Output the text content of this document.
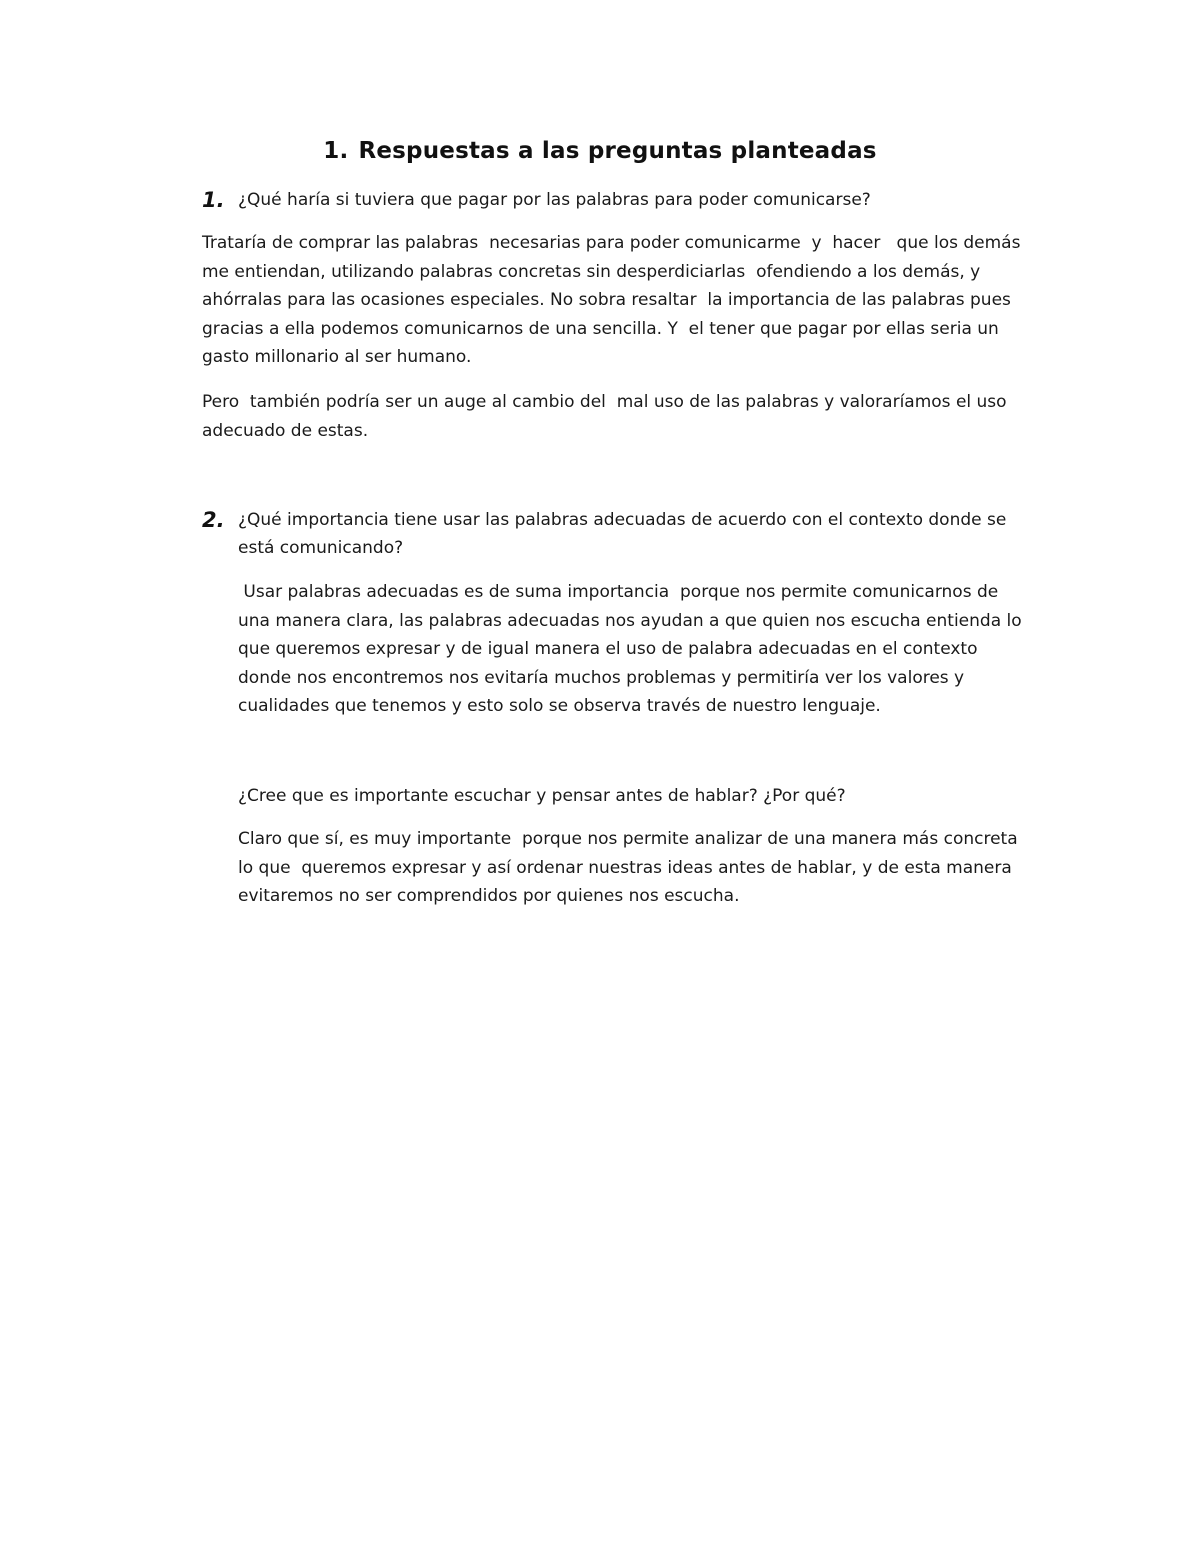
1. Respuestas a las preguntas planteadas
1. ¿Qué haría si tuviera que pagar por las palabras para poder comunicarse?

Trataría de comprar las palabras  necesarias para poder comunicarme  y  hacer   que los demás
me entiendan, utilizando palabras concretas sin desperdiciarlas  ofendiendo a los demás, y
ahórralas para las ocasiones especiales. No sobra resaltar  la importancia de las palabras pues
gracias a ella podemos comunicarnos de una sencilla. Y  el tener que pagar por ellas seria un
gasto millonario al ser humano.

Pero  también podría ser un auge al cambio del  mal uso de las palabras y valoraríamos el uso
adecuado de estas.

2. ¿Qué importancia tiene usar las palabras adecuadas de acuerdo con el contexto donde se
está comunicando?

Usar palabras adecuadas es de suma importancia  porque nos permite comunicarnos de
una manera clara, las palabras adecuadas nos ayudan a que quien nos escucha entienda lo
que queremos expresar y de igual manera el uso de palabra adecuadas en el contexto
donde nos encontremos nos evitaría muchos problemas y permitiría ver los valores y
cualidades que tenemos y esto solo se observa través de nuestro lenguaje.

¿Cree que es importante escuchar y pensar antes de hablar? ¿Por qué?

Claro que sí, es muy importante  porque nos permite analizar de una manera más concreta
lo que  queremos expresar y así ordenar nuestras ideas antes de hablar, y de esta manera
evitaremos no ser comprendidos por quienes nos escucha.
